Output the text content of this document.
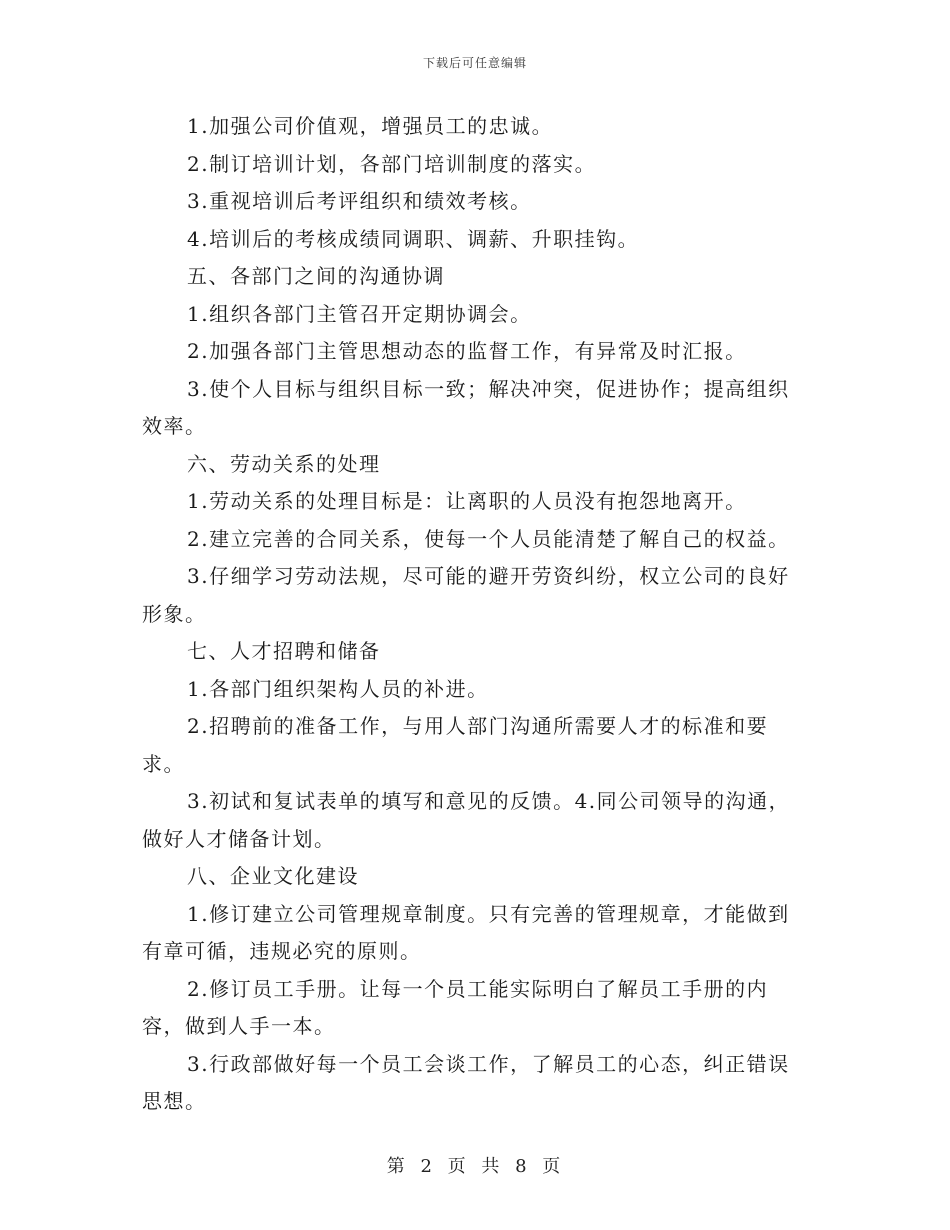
下载后可任意编辑

1.加强公司价值观，增强员工的忠诚。

2.制订培训计划，各部门培训制度的落实。

3.重视培训后考评组织和绩效考核。

4.培训后的考核成绩同调职、调薪、升职挂钩。

五、各部门之间的沟通协调

1.组织各部门主管召开定期协调会。

2.加强各部门主管思想动态的监督工作，有异常及时汇报。

3.使个人目标与组织目标一致；解决冲突，促进协作；提高组织效率。

六、劳动关系的处理

1.劳动关系的处理目标是：让离职的人员没有抱怨地离开。

2.建立完善的合同关系，使每一个人员能清楚了解自己的权益。

3.仔细学习劳动法规，尽可能的避开劳资纠纷，权立公司的良好形象。

七、人才招聘和储备

1.各部门组织架构人员的补进。

2.招聘前的准备工作，与用人部门沟通所需要人才的标准和要求。

3.初试和复试表单的填写和意见的反馈。4.同公司领导的沟通，做好人才储备计划。

八、企业文化建设

1.修订建立公司管理规章制度。只有完善的管理规章，才能做到有章可循，违规必究的原则。

2.修订员工手册。让每一个员工能实际明白了解员工手册的内容，做到人手一本。

3.行政部做好每一个员工会谈工作，了解员工的心态，纠正错误思想。

第 2 页 共 8 页
